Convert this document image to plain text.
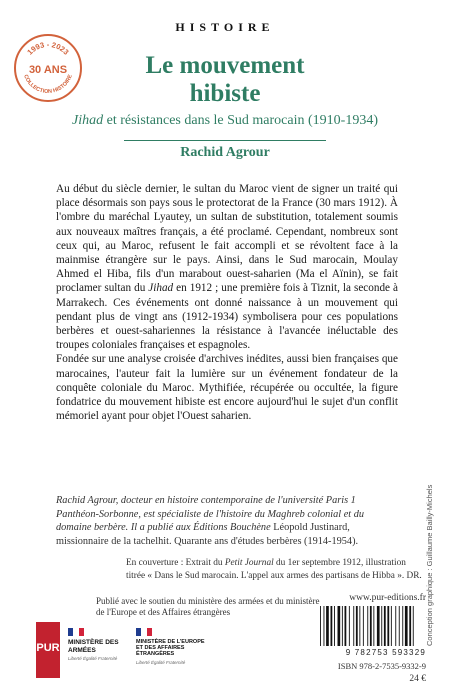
HISTOIRE
1993 - 2023
COLLECTION HISTOIRE
30 ANS	Le mouvement
hibiste
Jihad et résistances dans le Sud marocain (1910-1934)
Rachid Agrour

Au début du siècle dernier, le sultan du Maroc vient de signer un traité qui place désormais son pays sous le protectorat de la France (30 mars 1912). À l'ombre du maréchal Lyautey, un sultan de substitution, totalement soumis aux nouveaux maîtres français, a été proclamé. Cependant, nombreux sont ceux qui, au Maroc, refusent le fait accompli et se révoltent face à la mainmise étrangère sur le pays. Ainsi, dans le Sud marocain, Moulay Ahmed el Hiba, fils d'un marabout ouest-saharien (Ma el Aïnin), se fait proclamer sultan du Jihad en 1912 ; une première fois à Tiznit, la seconde à Marrakech. Ces événements ont donné naissance à un mouvement qui pendant plus de vingt ans (1912-1934) symbolisera pour ces populations berbères et ouest-sahariennes la résistance à l'avancée inéluctable des troupes coloniales françaises et espagnoles.

Fondée sur une analyse croisée d'archives inédites, aussi bien françaises que marocaines, l'auteur fait la lumière sur un événement fondateur de la conquête coloniale du Maroc. Mythifiée, récupérée ou occultée, la figure fondatrice du mouvement hibiste est encore aujourd'hui le sujet d'un conflit mémoriel ayant pour objet l'Ouest saharien.

Rachid Agrour, docteur en histoire contemporaine de l'université Paris 1 Panthéon-Sorbonne, est spécialiste de l'histoire du Maghreb colonial et du domaine berbère. Il a publié aux Éditions Bouchène Léopold Justinard, missionnaire de la tachelhit. Quarante ans d'études berbères (1914-1954).
En couverture : Extrait du Petit Journal du 1er septembre 1912, illustration titrée « Dans le Sud marocain. L'appel aux armes des partisans de Hibba ». DR. Conception graphique : Guillaume Bailly-Michels
Publié avec le soutien du ministère des armées et du ministère de l'Europe et des Affaires étrangères
www.pur-editions.fr
PUR MINISTÈRE DES ARMÉES
Liberté Égalité Fraternité
MINISTÈRE DE L'EUROPE ET DES AFFAIRES ÉTRANGÈRES
Liberté Égalité Fraternité
9 782753 593329
ISBN 978-2-7535-9332-9
24 €
